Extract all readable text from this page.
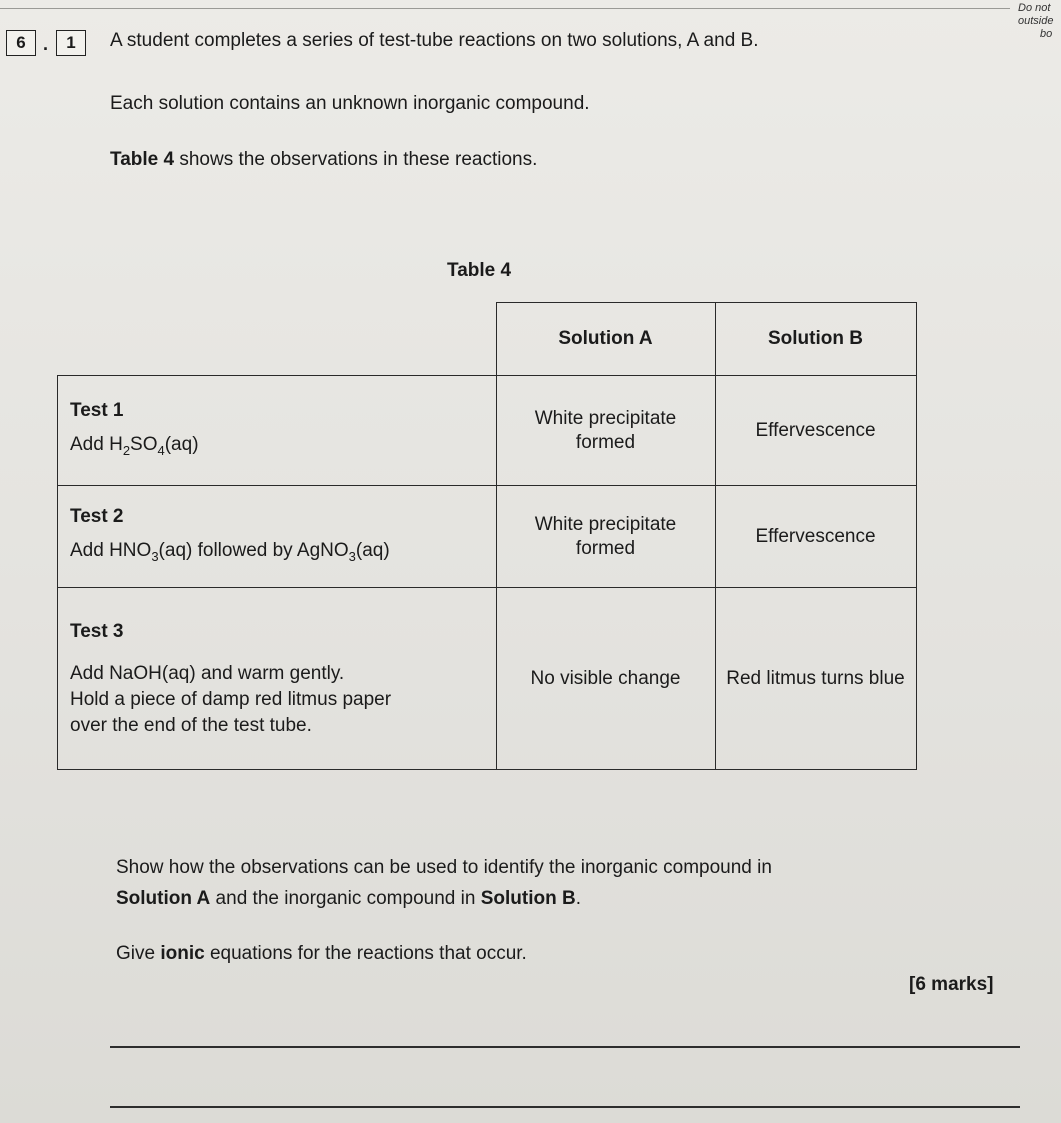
Do not
outside
bo
6 .	1	A student completes a series of test-tube reactions on two solutions, A and B.
Each solution contains an unknown inorganic compound.
Table 4 shows the observations in these reactions.
Table 4
	Solution A	Solution B

Test 1
Add $H_2SO_4(aq)$	White precipitate formed	Effervescence

Test 2
Add $HNO_3(aq)$ followed by AgNO$_3$(aq)	White precipitate formed	Effervescence

Test 3
Add NaOH(aq) and warm gently.
Hold a piece of damp red litmus paper
over the end of the test tube.	No visible change	Red litmus turns blue
Show how the observations can be used to identify the inorganic compound in
Solution A and the inorganic compound in Solution B.
Give ionic equations for the reactions that occur.
[6 marks]
